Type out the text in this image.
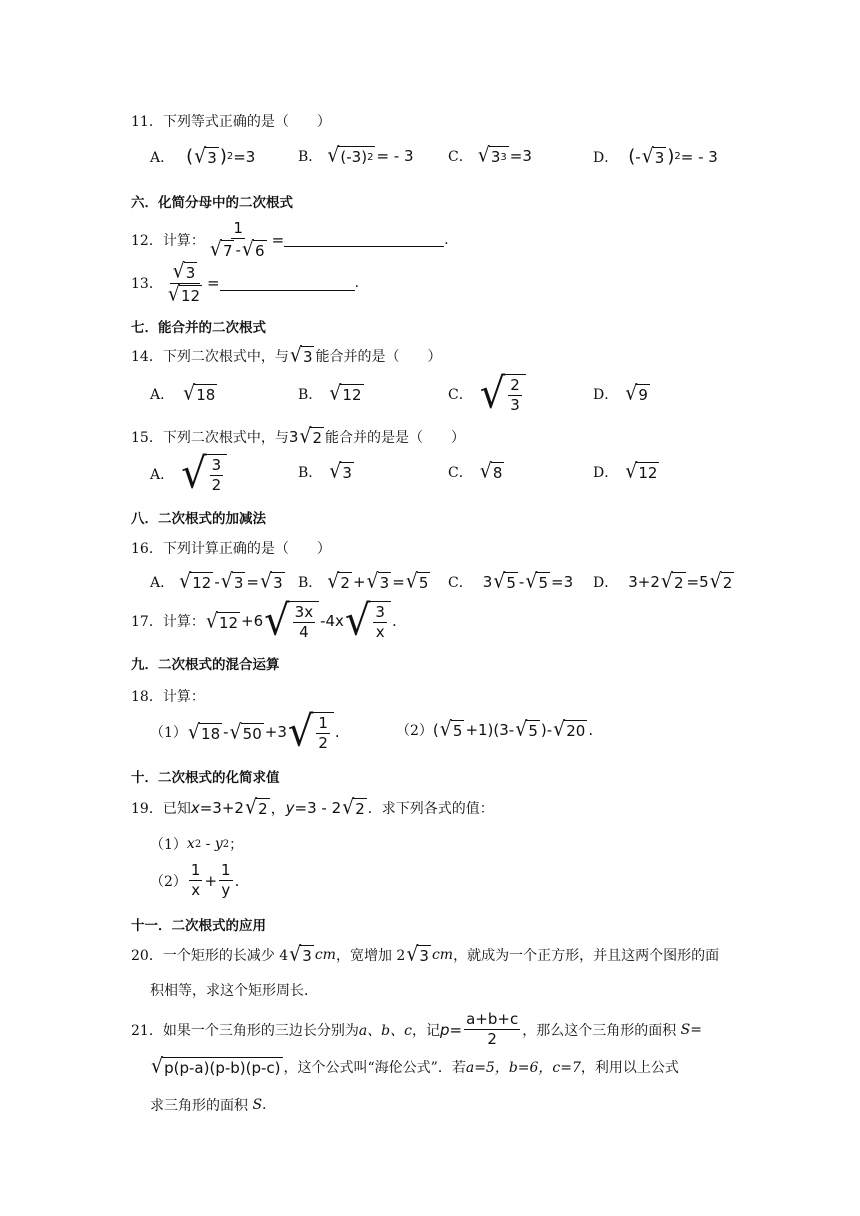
11．下列等式正确的是（　　）
A． ( √ 3 ) 2 =3	B． √ (-3) 2 = - 3 C． √ 3 3 =3	D． ( - √ 3 ) 2 = - 3
六．化简分母中的二次根式
12．计算： $\frac{1}{√ 7 - √ 6}$ =	.
13． $\frac{√ 3}{√ 12}$ =	.
七．能合并的二次根式
14．下列二次根式中，与 √ 3 能合并的是（　　）
A． √ 18	B． √ 12	C． √ $\frac{2}{3}$	D． √ 9
15．下列二次根式中，与 3 √ 2 能合并的是是（　　）
A． √ $\frac{3}{2}$	B． √ 3	C． √ 8	D． √ 12
八．二次根式的加减法
16．下列计算正确的是（　　）
A． √ 12 - √ 3 = √ 3 B． √ 2 + √ 3 = √ 5 C． 3 √ 5 - √ 5 =3 D． 3+2 √ 2 =5 √ 2
17．计算： √ 12 +6 √ $\frac{3x}{4} -4x$ √ $\frac{3}{x}$ .
九．二次根式的混合运算
18．计算：
（1） √ 18 - √ 50 +3 √ $\frac{1}{2}$ .	（2） ( √ 5 +1)(3- √ 5 )- √ 20 .
十．二次根式的化简求值
19．已知 x =3+2 √ 2 ， y =3 - 2 √ 2 ．求下列各式的值：
（1） x 2 - y 2 ；
$(2) \frac{1}{x} + \frac{1}{y}$ .
十一．二次根式的应用
20．一个矩形的长减少 4 √ 3 cm ，宽增加 2 √ 3 cm ，就成为一个正方形，并且这两个图形的面
积相等，求这个矩形周长．
21．如果一个三角形的三边长分别为 a、b、c ，记 $p = \frac{a+b+c}{2}$ ，那么这个三角形的面积 S =
√ p(p-a)(p-b)(p-c) ，这个公式叫“海伦公式”．若 a=5，b=6，c=7 ，利用以上公式
求三角形的面积 S .
